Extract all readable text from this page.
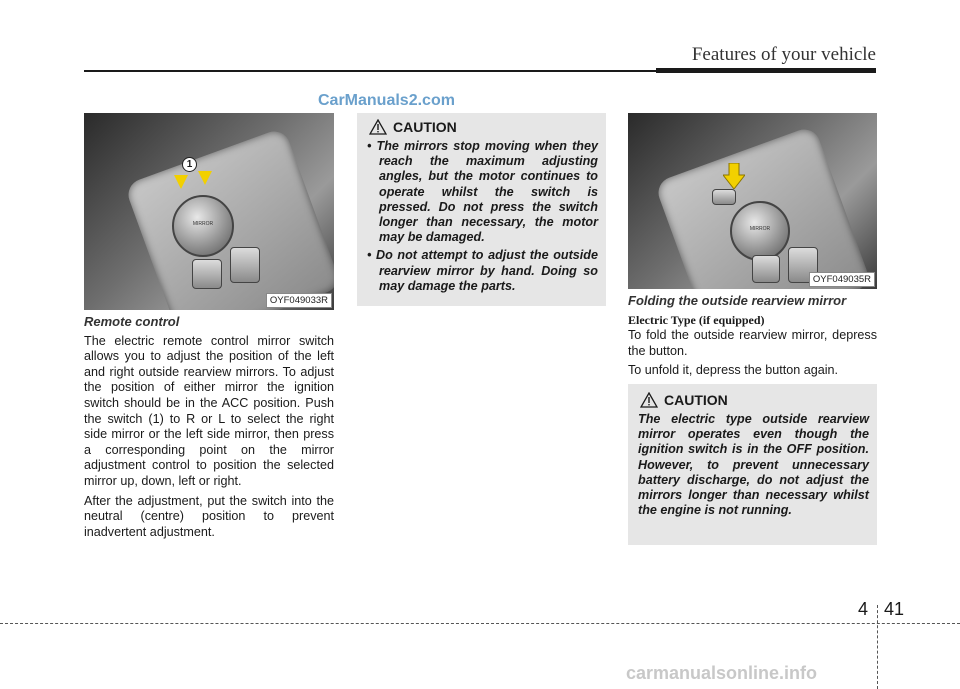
Features of your vehicle
CarManuals2.com
MIRROR
1
OYF049033R
Remote control

The electric remote control mirror switch allows you to adjust the position of the left and right outside rearview mirrors. To adjust the position of either mirror the ignition switch should be in the ACC position. Push the switch (1) to R or L to select the right side mirror or the left side mirror, then press a corresponding point on the mirror adjustment control to position the selected mirror up, down, left or right.

After the adjustment, put the switch into the neutral (centre) position to prevent inadvertent adjustment.

CAUTION
• The mirrors stop moving when they reach the maximum adjusting angles, but the motor continues to operate whilst the switch is pressed. Do not press the switch longer than necessary, the motor may be damaged.
• Do not attempt to adjust the outside rearview mirror by hand. Doing so may damage the parts.
MIRROR
OYF049035R
Folding the outside rearview mirror
Electric Type (if equipped)

To fold the outside rearview mirror, depress the button.

To unfold it, depress the button again.

CAUTION
The electric type outside rearview mirror operates even though the ignition switch is in the OFF position. However, to prevent unnecessary battery discharge, do not adjust the mirrors longer than necessary whilst the engine is not running.
4 41
carmanualsonline.info
